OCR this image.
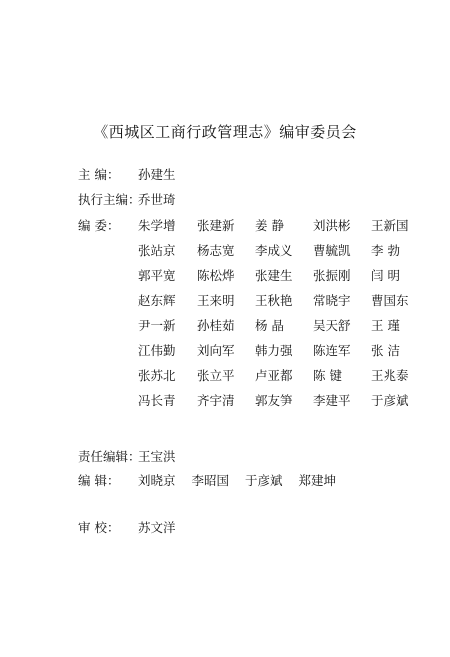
《西城区工商行政管理志》编审委员会
主 编： 孙建生
执行主编：乔世琦
编 委：	朱学增	张建新	姜 静	刘洪彬	王新国
张站京	杨志宽	李成义	曹毓凯	李 勃
郭平宽	陈松烨	张建生	张振刚	闫 明
赵东辉	王来明	王秋艳	常晓宇	曹国东
尹一新	孙桂茹	杨 晶	吴天舒	王 瑾
江伟勤	刘向军	韩力强	陈连军	张 洁
张苏北	张立平	卢亚都	陈 键	王兆泰
冯长青	齐宇清	郭友笋	李建平	于彦斌
责任编辑：王宝洪
编 辑： 刘晓京 李昭国 于彦斌 郑建坤
审 校： 苏文洋
